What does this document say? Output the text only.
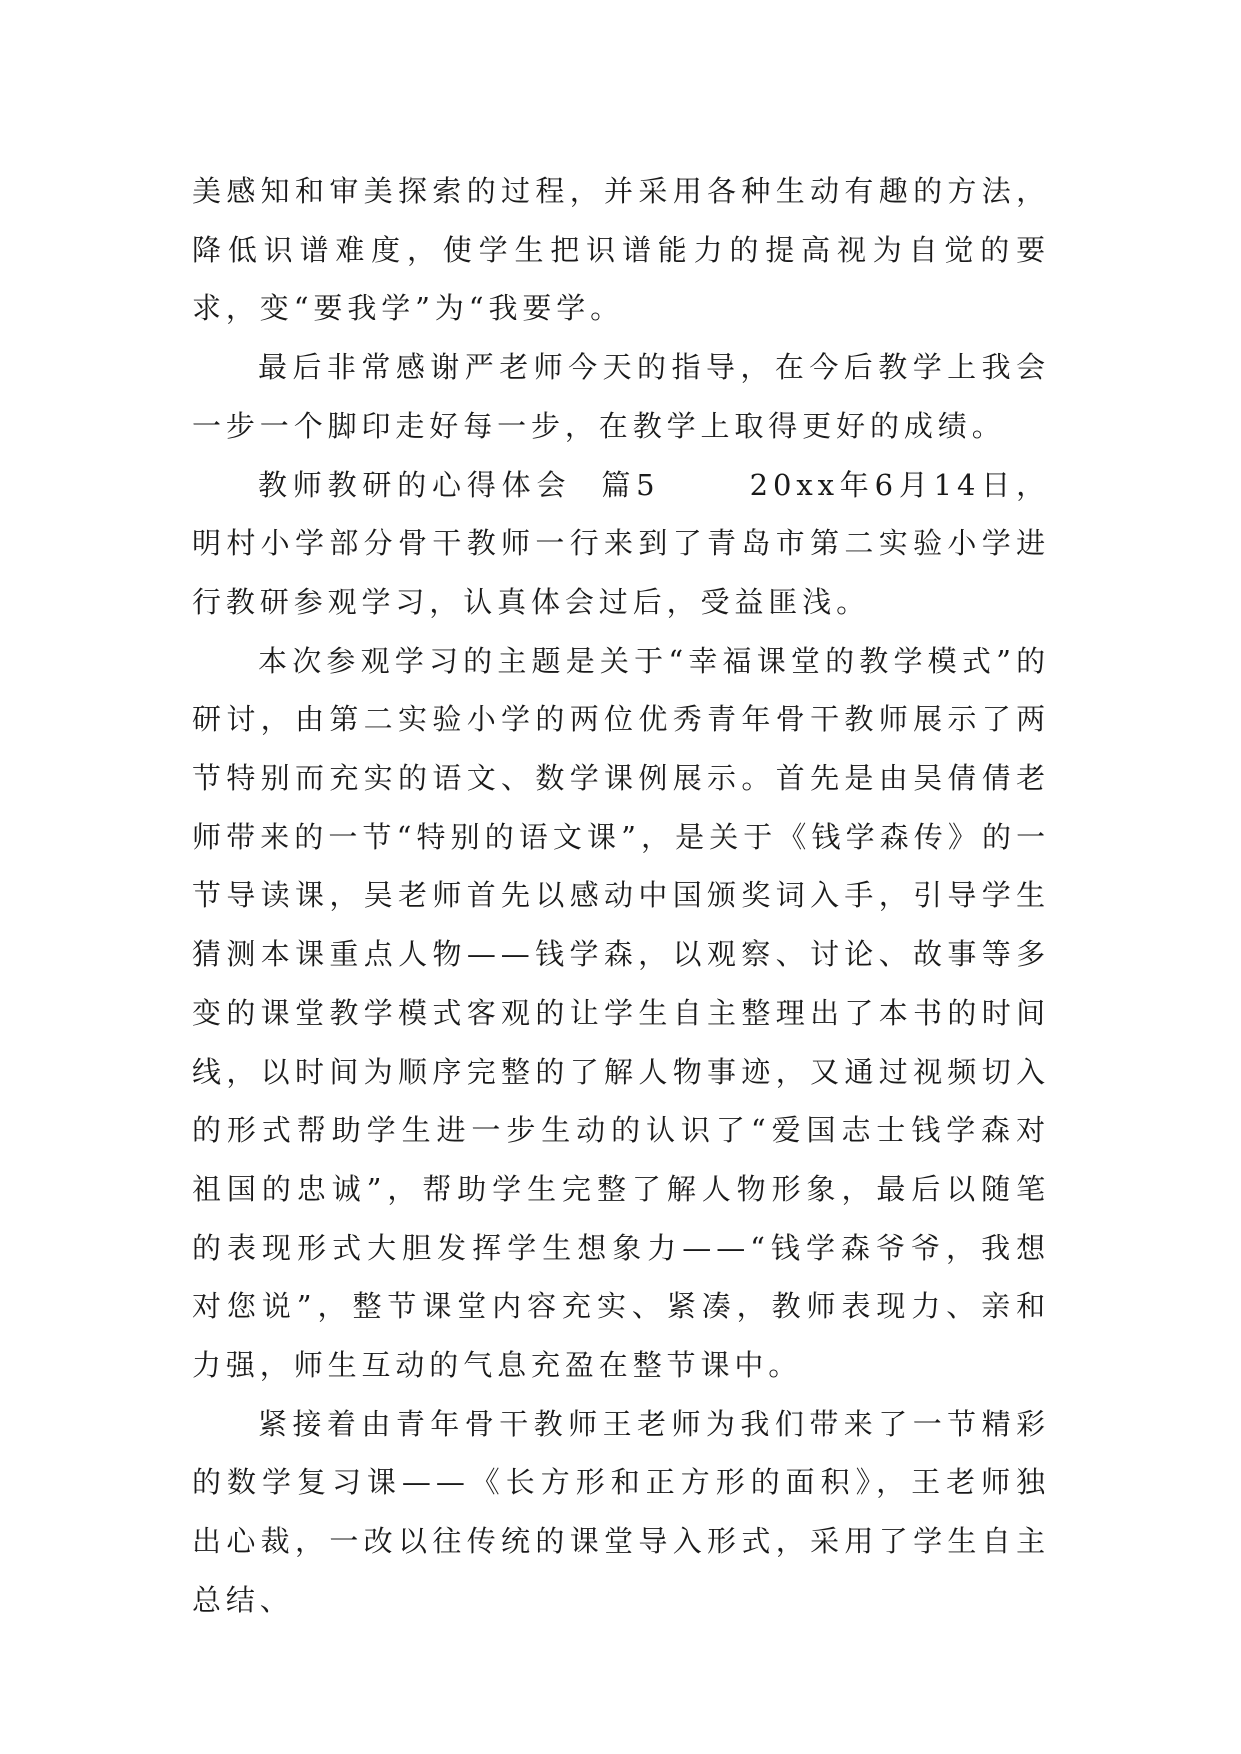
美感知和审美探索的过程，并采用各种生动有趣的方法，降低识谱难度，使学生把识谱能力的提高视为自觉的要求，变“要我学”为“我要学。

最后非常感谢严老师今天的指导，在今后教学上我会一步一个脚印走好每一步，在教学上取得更好的成绩。

教师教研的心得体会  篇5      20xx年6月14日，明村小学部分骨干教师一行来到了青岛市第二实验小学进行教研参观学习，认真体会过后，受益匪浅。

本次参观学习的主题是关于“幸福课堂的教学模式”的研讨，由第二实验小学的两位优秀青年骨干教师展示了两节特别而充实的语文、数学课例展示。首先是由吴倩倩老师带来的一节“特别的语文课”，是关于《钱学森传》的一节导读课，吴老师首先以感动中国颁奖词入手，引导学生猜测本课重点人物——钱学森，以观察、讨论、故事等多变的课堂教学模式客观的让学生自主整理出了本书的时间线，以时间为顺序完整的了解人物事迹，又通过视频切入的形式帮助学生进一步生动的认识了“爱国志士钱学森对祖国的忠诚”，帮助学生完整了解人物形象，最后以随笔的表现形式大胆发挥学生想象力——“钱学森爷爷，我想对您说”，整节课堂内容充实、紧凑，教师表现力、亲和力强，师生互动的气息充盈在整节课中。

紧接着由青年骨干教师王老师为我们带来了一节精彩的数学复习课——《长方形和正方形的面积》，王老师独出心裁，一改以往传统的课堂导入形式，采用了学生自主总结、
